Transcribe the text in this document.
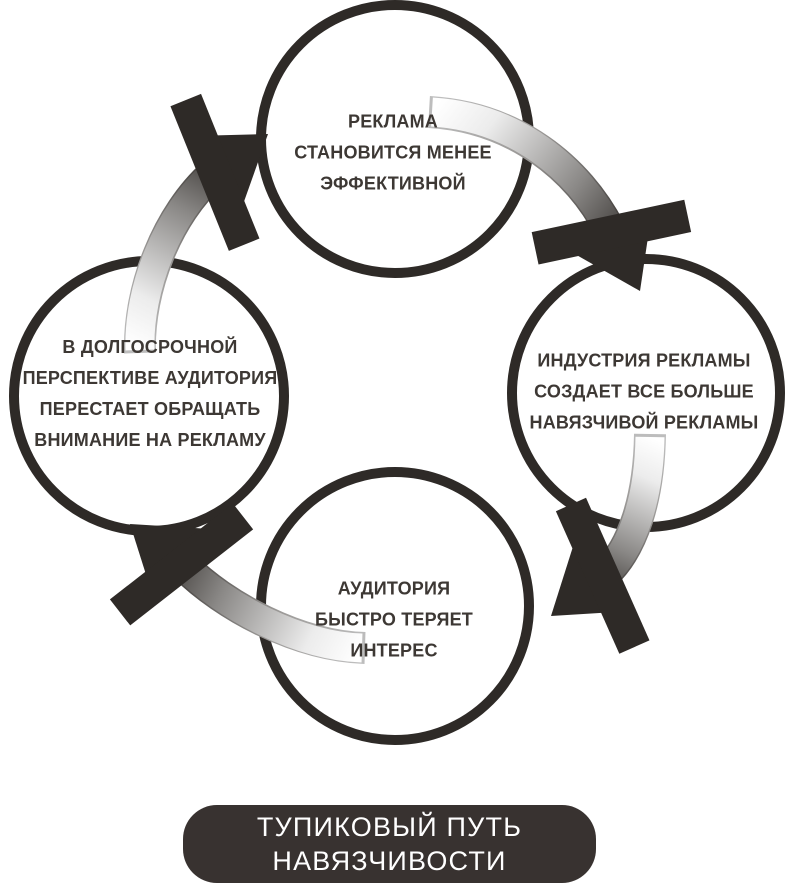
РЕКЛАМА
СТАНОВИТСЯ МЕНЕЕ
ЭФФЕКТИВНОЙ
ИНДУСТРИЯ РЕКЛАМЫ
СОЗДАЕТ ВСЕ БОЛЬШЕ
НАВЯЗЧИВОЙ РЕКЛАМЫ
АУДИТОРИЯ
БЫСТРО ТЕРЯЕТ
ИНТЕРЕС
В ДОЛГОСРОЧНОЙ
ПЕРСПЕКТИВЕ АУДИТОРИЯ
ПЕРЕСТАЕТ ОБРАЩАТЬ
ВНИМАНИЕ НА РЕКЛАМУ
ТУПИКОВЫЙ ПУТЬ
НАВЯЗЧИВОСТИ
